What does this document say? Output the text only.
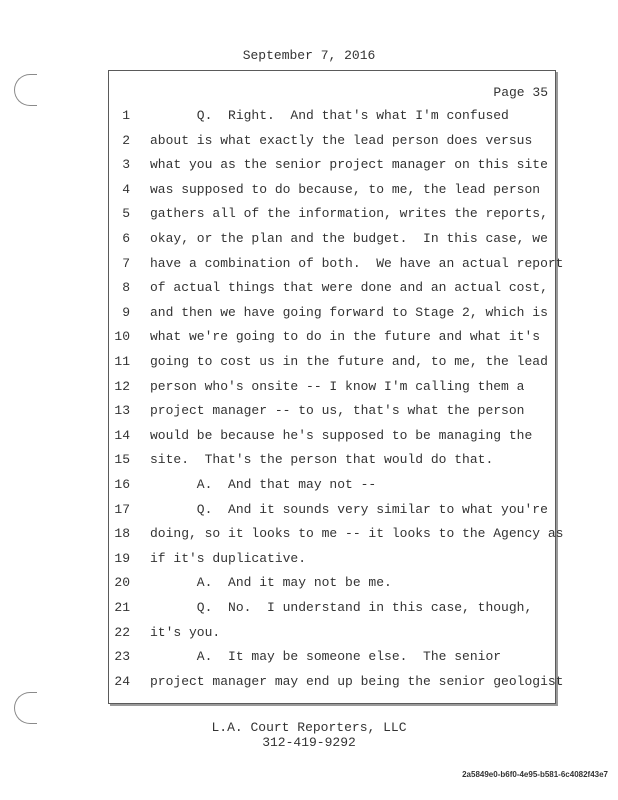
September 7, 2016
Page 35
1 Q.  Right.  And that's what I'm confused
2 about is what exactly the lead person does versus
3 what you as the senior project manager on this site
4 was supposed to do because, to me, the lead person
5 gathers all of the information, writes the reports,
6 okay, or the plan and the budget.  In this case, we
7 have a combination of both.  We have an actual report
8 of actual things that were done and an actual cost,
9 and then we have going forward to Stage 2, which is
10 what we're going to do in the future and what it's
11 going to cost us in the future and, to me, the lead
12 person who's onsite -- I know I'm calling them a
13 project manager -- to us, that's what the person
14 would be because he's supposed to be managing the
15 site.  That's the person that would do that.
16 A.  And that may not --
17 Q.  And it sounds very similar to what you're
18 doing, so it looks to me -- it looks to the Agency as
19 if it's duplicative.
20 A.  And it may not be me.
21 Q.  No.  I understand in this case, though,
22 it's you.
23 A.  It may be someone else.  The senior
24 project manager may end up being the senior geologist
L.A. Court Reporters, LLC
312-419-9292
2a5849e0-b6f0-4e95-b581-6c4082f43e7
